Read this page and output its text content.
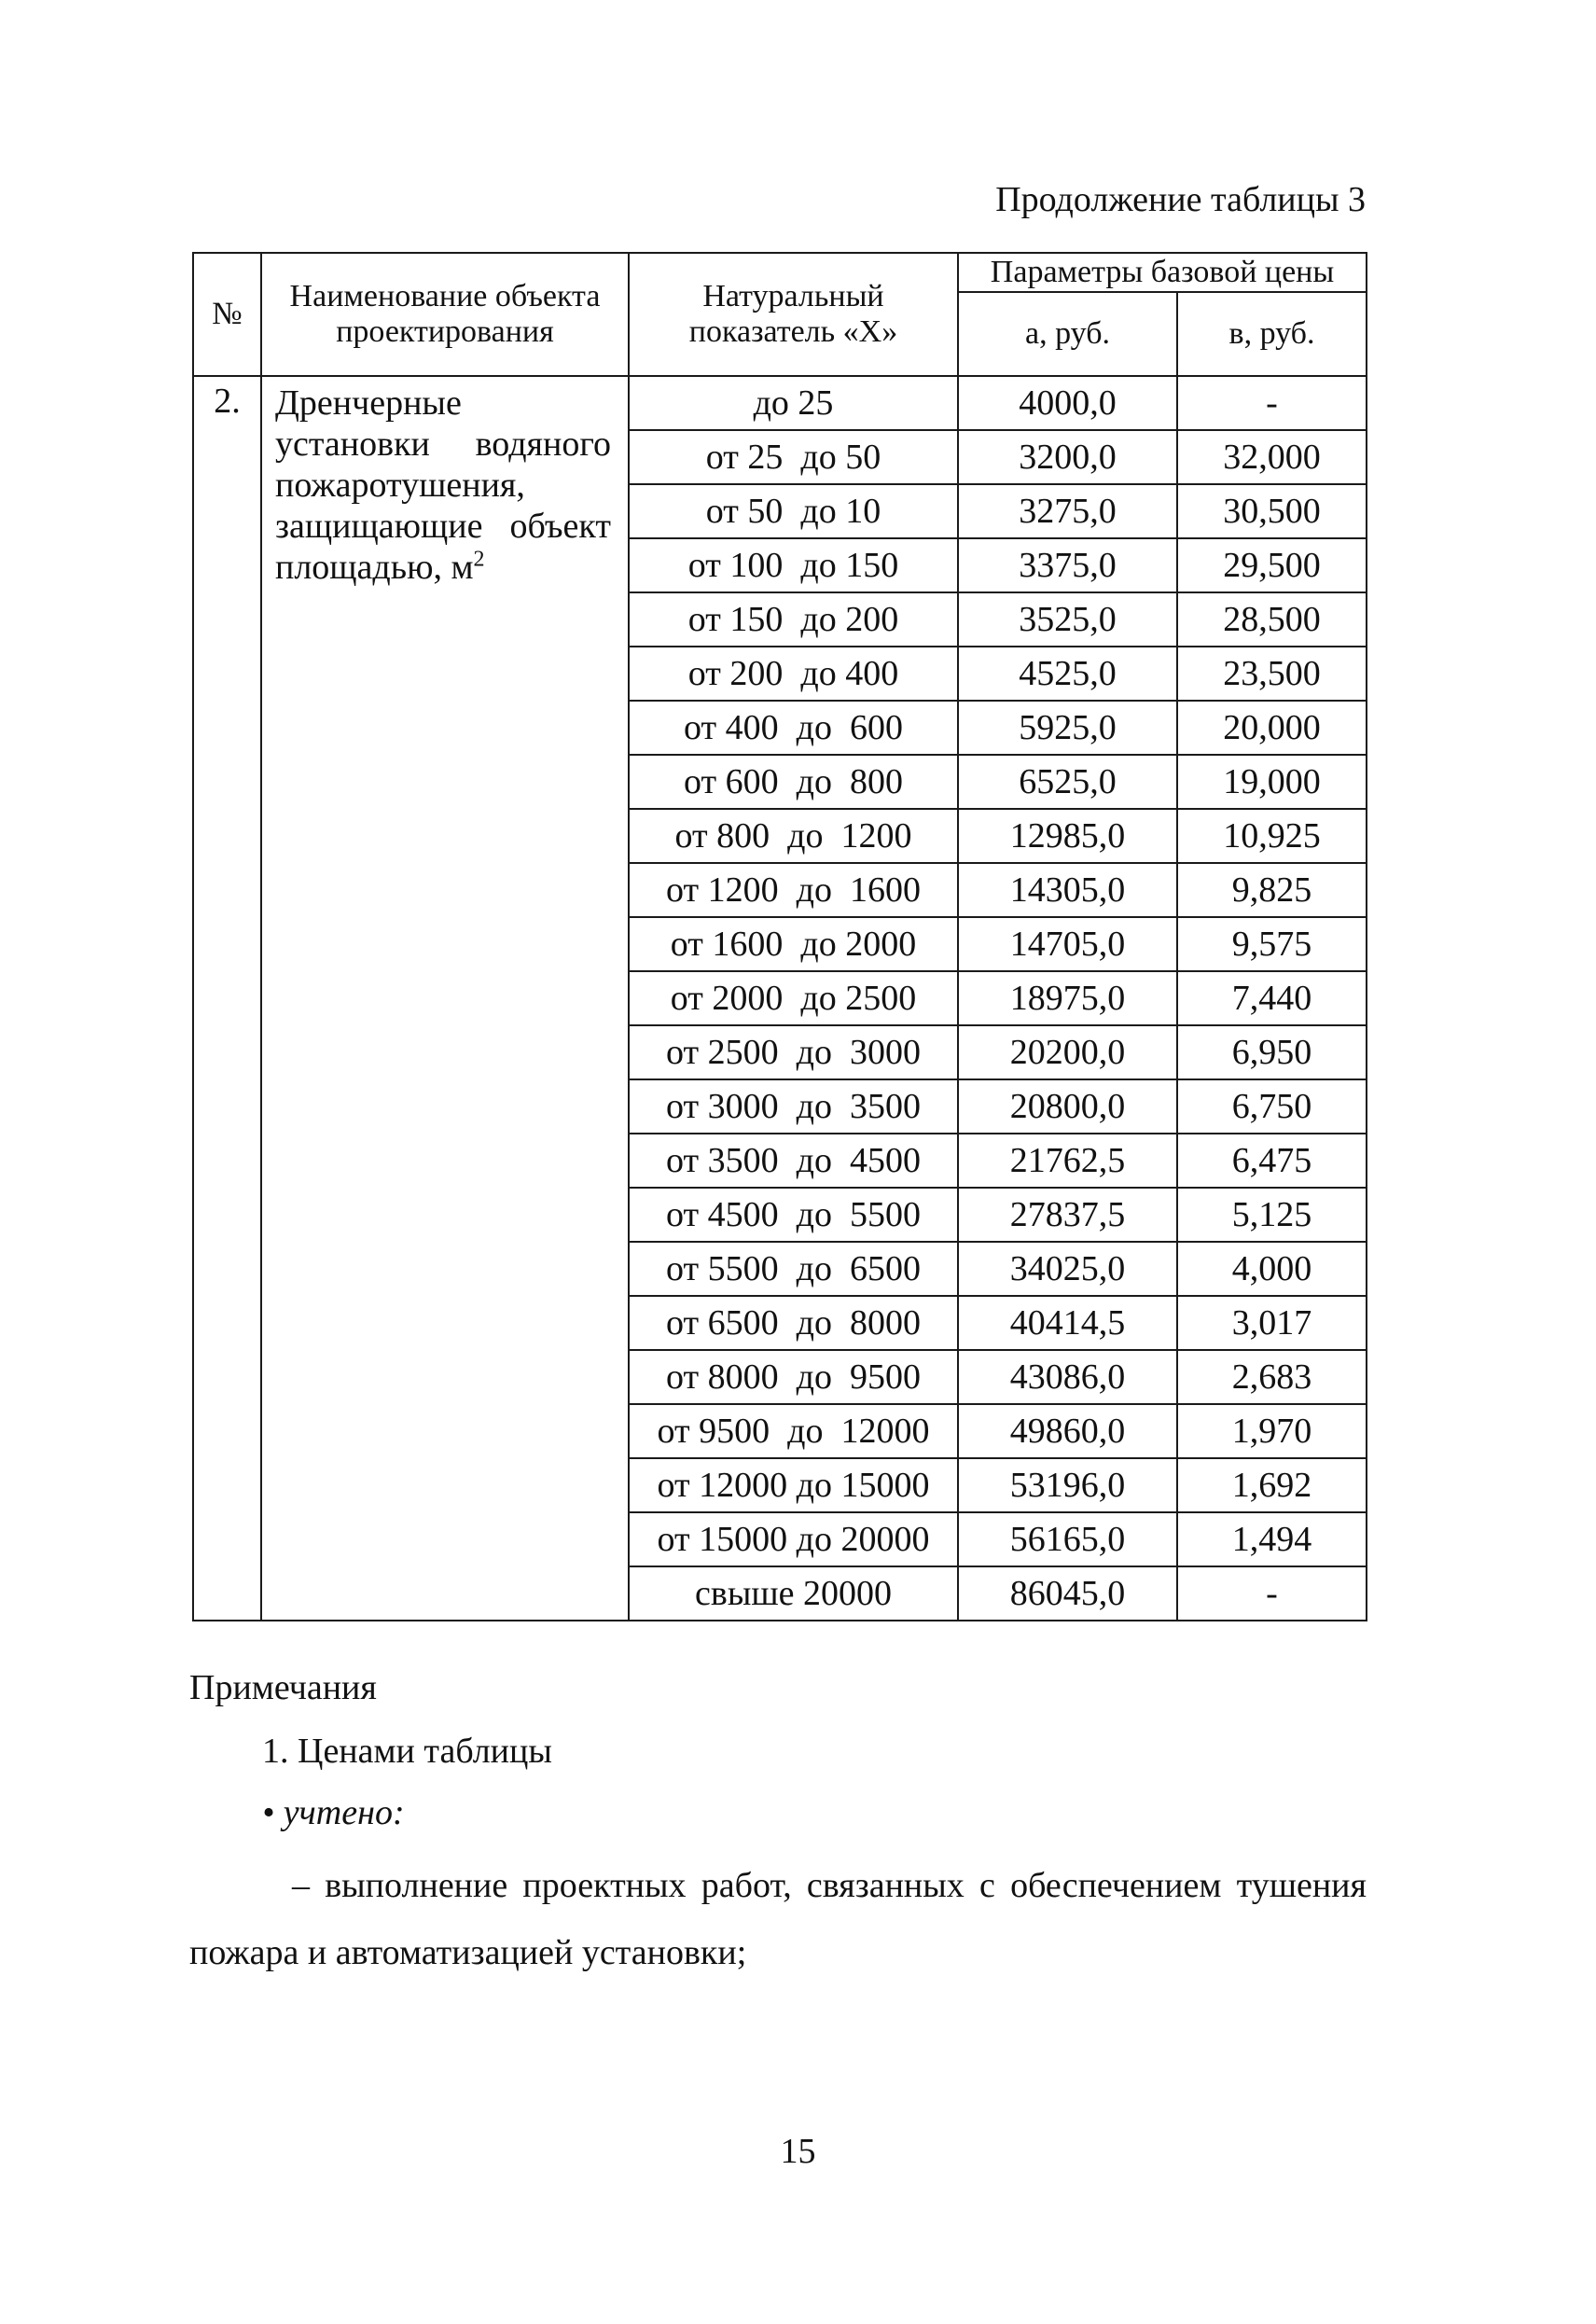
Продолжение таблицы 3
№	Наименование объекта проектирования	Натуральный показатель «X»	Параметры базовой цены	
			а, руб.	в, руб.
2.	Дренчерные установки водяного пожаротушения, защищающие объект площадью, $м^2$	до 25	4000,0	-
		от 25  до 50	3200,0	32,000
		от 50  до 10	3275,0	30,500
		от 100  до 150	3375,0	29,500
		от 150  до 200	3525,0	28,500
		от 200  до 400	4525,0	23,500
		от 400  до  600	5925,0	20,000
		от 600  до  800	6525,0	19,000
		от 800  до  1200	12985,0	10,925
		от 1200  до  1600	14305,0	9,825
		от 1600  до 2000	14705,0	9,575
		от 2000  до 2500	18975,0	7,440
		от 2500  до  3000	20200,0	6,950
		от 3000  до  3500	20800,0	6,750
		от 3500  до  4500	21762,5	6,475
		от 4500  до  5500	27837,5	5,125
		от 5500  до  6500	34025,0	4,000
		от 6500  до  8000	40414,5	3,017
		от 8000  до  9500	43086,0	2,683
		от 9500  до  12000	49860,0	1,970
		от 12000 до 15000	53196,0	1,692
		от 15000 до 20000	56165,0	1,494
		свыше 20000	86045,0	-
Примечания
1. Ценами таблицы
• учтено:
– выполнение проектных работ, связанных с обеспечением тушения пожара и автоматизацией установки;
15
